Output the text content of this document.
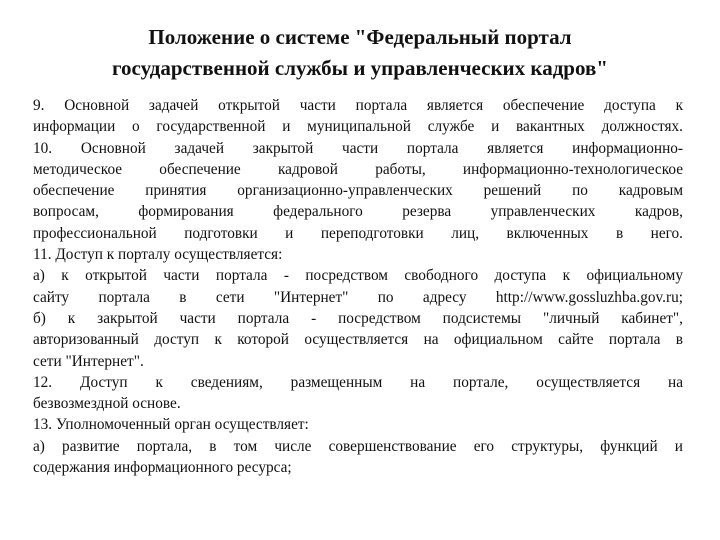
Положение о системе "Федеральный портал
государственной службы и управленческих кадров"
9. Основной задачей открытой части портала является обеспечение доступа к
информации о государственной и муниципальной службе и вакантных должностях.
10. Основной задачей закрытой части портала является информационно-
методическое обеспечение кадровой работы, информационно-технологическое
обеспечение принятия организационно-управленческих решений по кадровым
вопросам, формирования федерального резерва управленческих кадров,
профессиональной подготовки и переподготовки лиц, включенных в него.
11. Доступ к порталу осуществляется:
а) к открытой части портала - посредством свободного доступа к официальному
сайту портала в сети "Интернет" по адресу http://www.gossluzhba.gov.ru;
б) к закрытой части портала - посредством подсистемы "личный кабинет",
авторизованный доступ к которой осуществляется на официальном сайте портала в
сети "Интернет".
12. Доступ к сведениям, размещенным на портале, осуществляется на
безвозмездной основе.
13. Уполномоченный орган осуществляет:
а) развитие портала, в том числе совершенствование его структуры, функций и
содержания информационного ресурса;
